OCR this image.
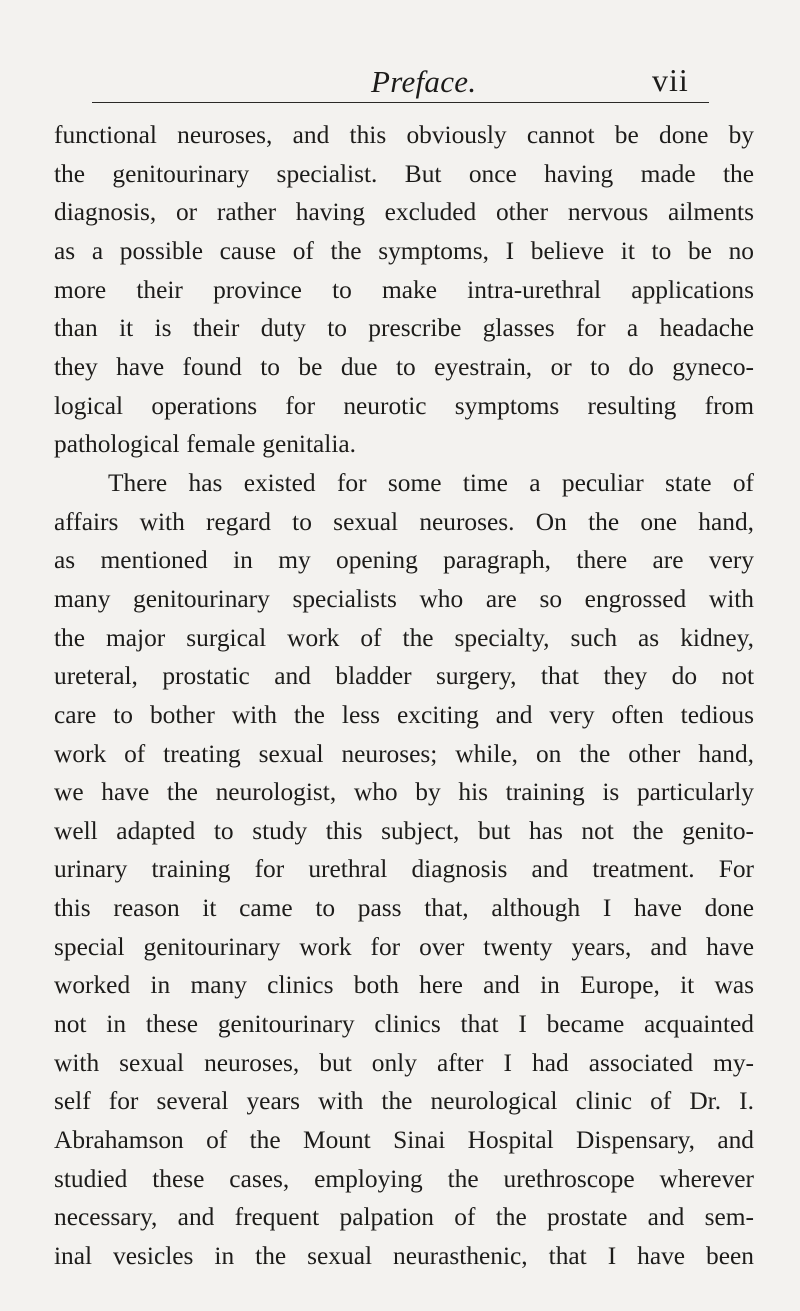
Preface.	vii
functional neuroses, and this obviously cannot be done by
the genitourinary specialist. But once having made the
diagnosis, or rather having excluded other nervous ailments
as a possible cause of the symptoms, I believe it to be no
more their province to make intra-urethral applications
than it is their duty to prescribe glasses for a headache
they have found to be due to eyestrain, or to do gyneco-
logical operations for neurotic symptoms resulting from
pathological female genitalia.
There has existed for some time a peculiar state of
affairs with regard to sexual neuroses. On the one hand,
as mentioned in my opening paragraph, there are very
many genitourinary specialists who are so engrossed with
the major surgical work of the specialty, such as kidney,
ureteral, prostatic and bladder surgery, that they do not
care to bother with the less exciting and very often tedious
work of treating sexual neuroses; while, on the other hand,
we have the neurologist, who by his training is particularly
well adapted to study this subject, but has not the genito-
urinary training for urethral diagnosis and treatment. For
this reason it came to pass that, although I have done
special genitourinary work for over twenty years, and have
worked in many clinics both here and in Europe, it was
not in these genitourinary clinics that I became acquainted
with sexual neuroses, but only after I had associated my-
self for several years with the neurological clinic of Dr. I.
Abrahamson of the Mount Sinai Hospital Dispensary, and
studied these cases, employing the urethroscope wherever
necessary, and frequent palpation of the prostate and sem-
inal vesicles in the sexual neurasthenic, that I have been
